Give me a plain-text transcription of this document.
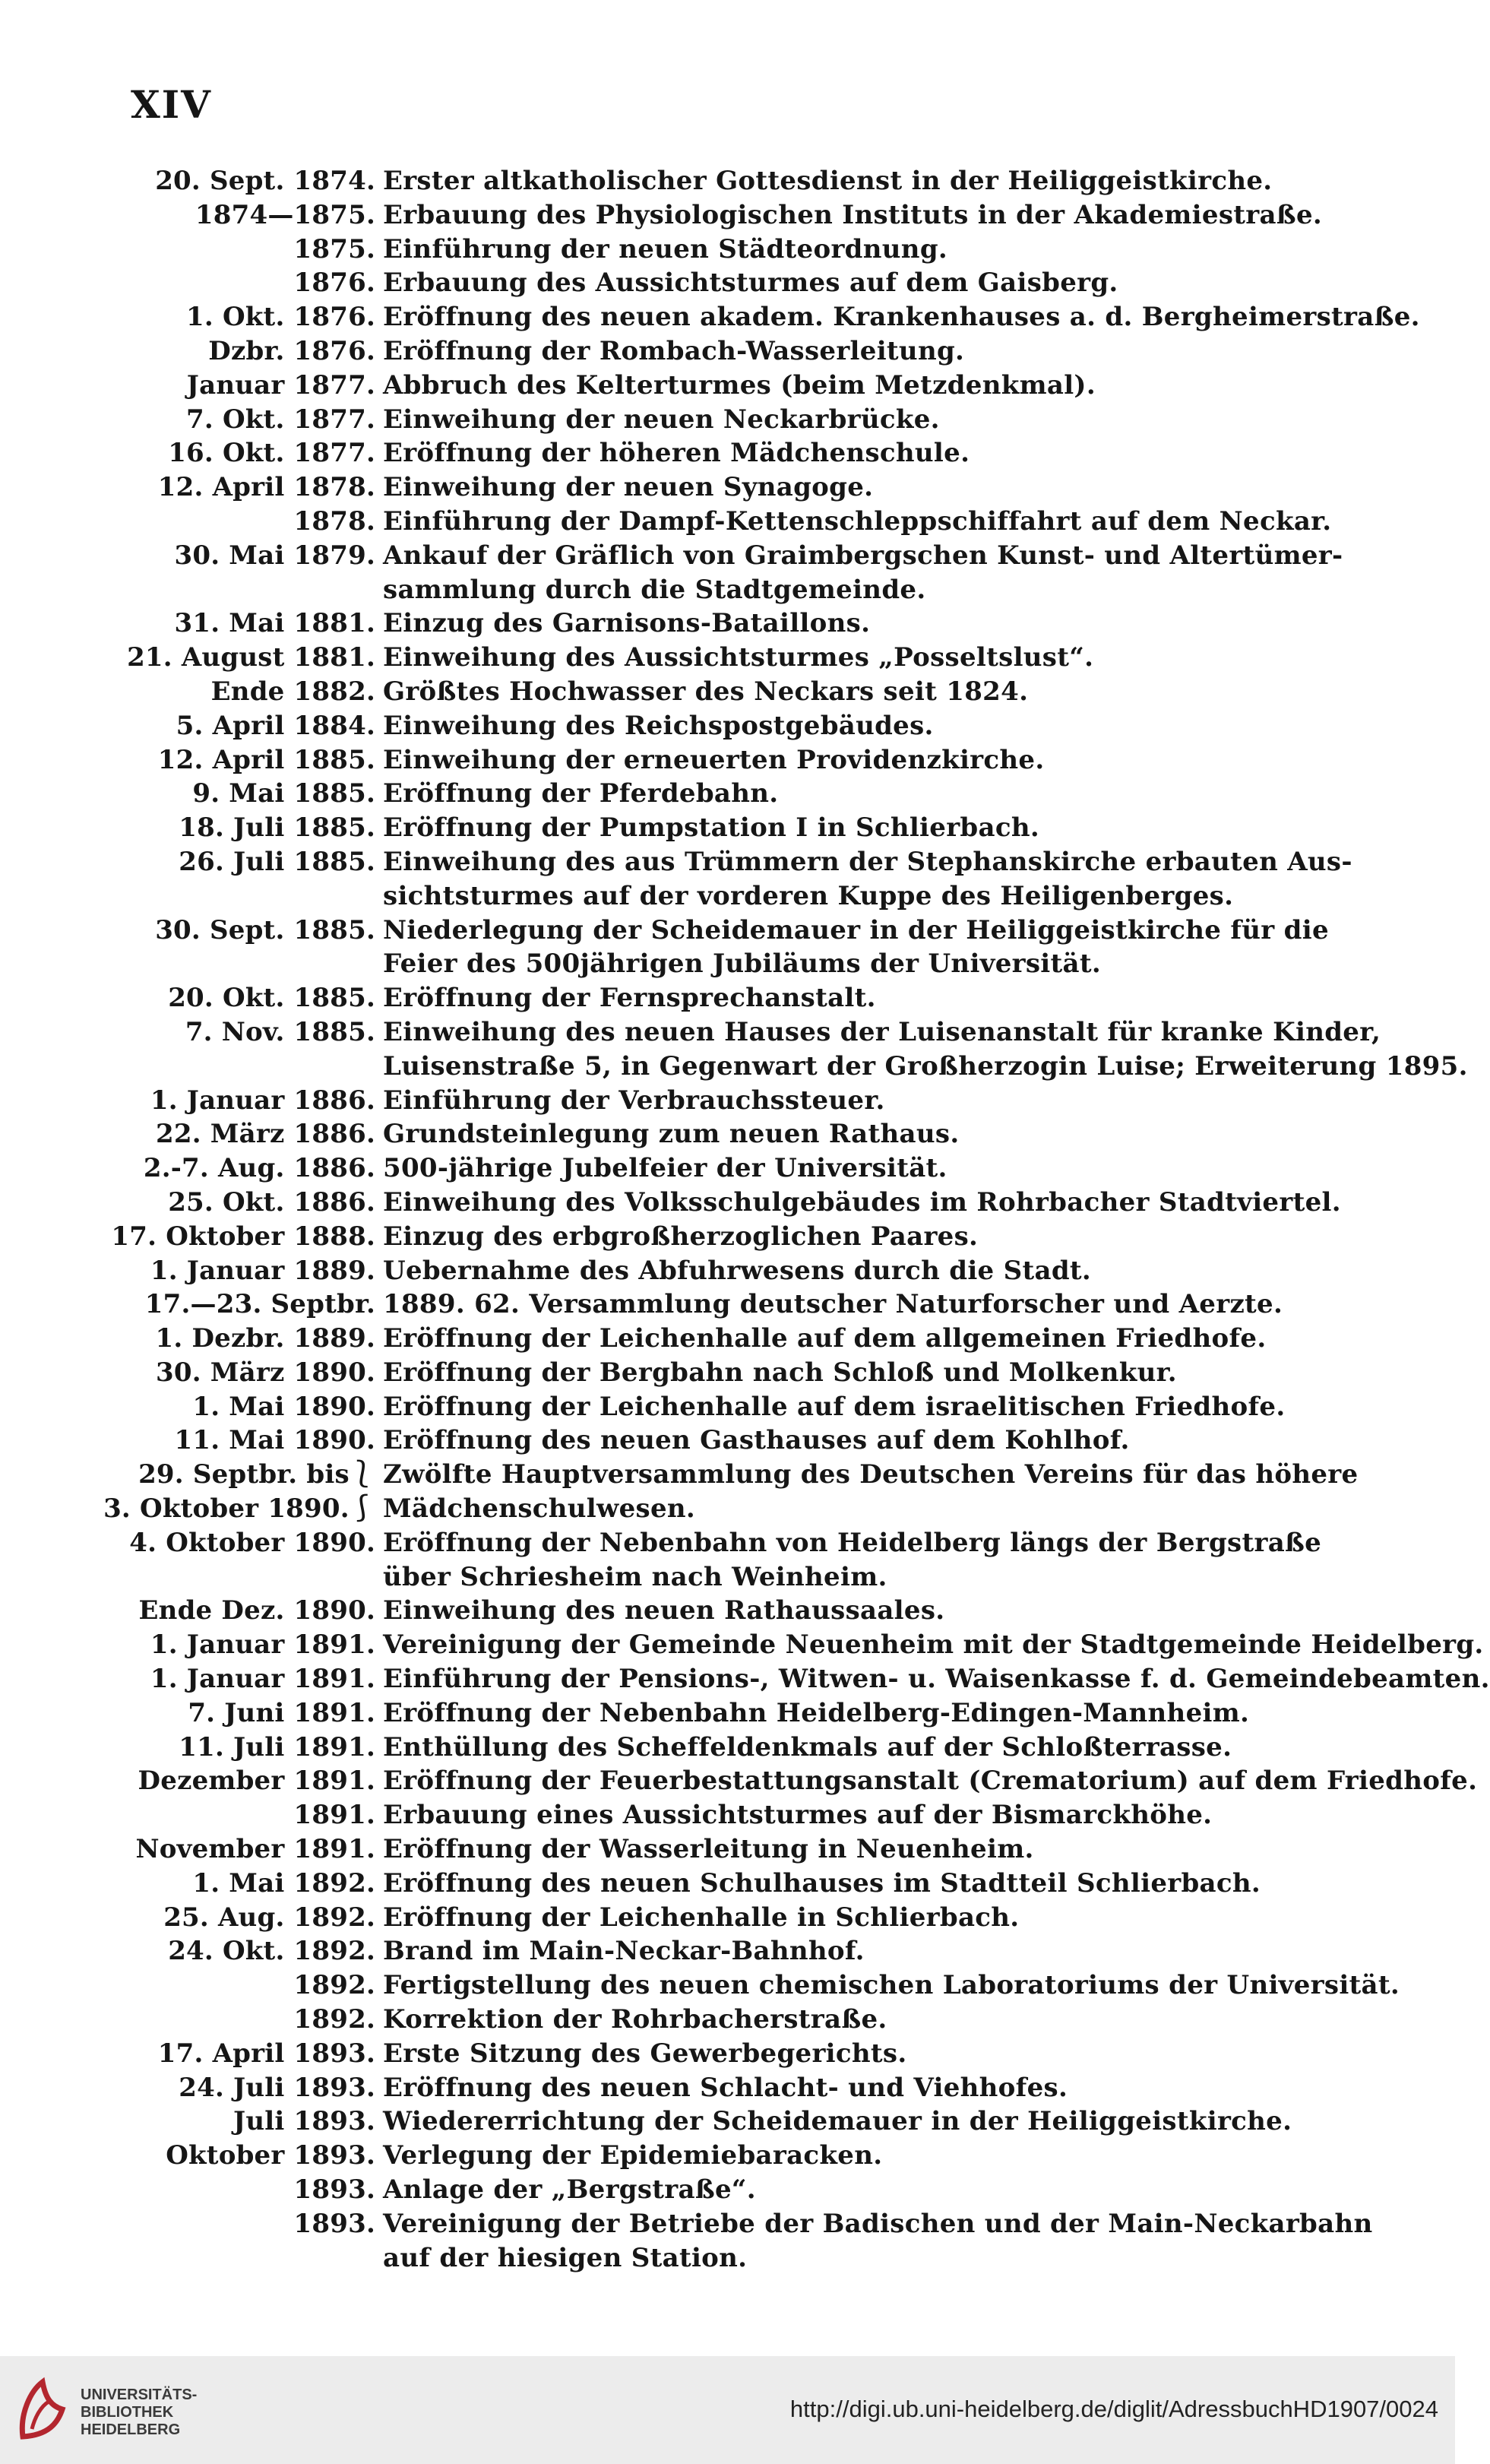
XIV
20. Sept. 1874. Erster altkatholischer Gottesdienst in der Heiliggeistkirche.
1874—1875. Erbauung des Physiologischen Instituts in der Akademiestraße.
1875. Einführung der neuen Städteordnung.
1876. Erbauung des Aussichtsturmes auf dem Gaisberg.
1. Okt. 1876. Eröffnung des neuen akadem. Krankenhauses a. d. Bergheimerstraße.
Dzbr. 1876. Eröffnung der Rombach-Wasserleitung.
Januar 1877. Abbruch des Kelterturmes (beim Metzdenkmal).
7. Okt. 1877. Einweihung der neuen Neckarbrücke.
16. Okt. 1877. Eröffnung der höheren Mädchenschule.
12. April 1878. Einweihung der neuen Synagoge.
1878. Einführung der Dampf-Kettenschleppschiffahrt auf dem Neckar.
30. Mai 1879. Ankauf der Gräflich von Graimbergschen Kunst- und Altertümer-
sammlung durch die Stadtgemeinde.
31. Mai 1881. Einzug des Garnisons-Bataillons.
21. August 1881. Einweihung des Aussichtsturmes „Posseltslust“.
Ende 1882. Größtes Hochwasser des Neckars seit 1824.
5. April 1884. Einweihung des Reichspostgebäudes.
12. April 1885. Einweihung der erneuerten Providenzkirche.
9. Mai 1885. Eröffnung der Pferdebahn.
18. Juli 1885. Eröffnung der Pumpstation I in Schlierbach.
26. Juli 1885. Einweihung des aus Trümmern der Stephanskirche erbauten Aus-
sichtsturmes auf der vorderen Kuppe des Heiligenberges.
30. Sept. 1885. Niederlegung der Scheidemauer in der Heiliggeistkirche für die
Feier des 500jährigen Jubiläums der Universität.
20. Okt. 1885. Eröffnung der Fernsprechanstalt.
7. Nov. 1885. Einweihung des neuen Hauses der Luisenanstalt für kranke Kinder,
Luisenstraße 5, in Gegenwart der Großherzogin Luise; Erweiterung 1895.
1. Januar 1886. Einführung der Verbrauchssteuer.
22. März 1886. Grundsteinlegung zum neuen Rathaus.
2.-7. Aug. 1886. 500-jährige Jubelfeier der Universität.
25. Okt. 1886. Einweihung des Volksschulgebäudes im Rohrbacher Stadtviertel.
17. Oktober 1888. Einzug des erbgroßherzoglichen Paares.
1. Januar 1889. Uebernahme des Abfuhrwesens durch die Stadt.
17.—23. Septbr. 1889. 62. Versammlung deutscher Naturforscher und Aerzte.
1. Dezbr. 1889. Eröffnung der Leichenhalle auf dem allgemeinen Friedhofe.
30. März 1890. Eröffnung der Bergbahn nach Schloß und Molkenkur.
1. Mai 1890. Eröffnung der Leichenhalle auf dem israelitischen Friedhofe.
11. Mai 1890. Eröffnung des neuen Gasthauses auf dem Kohlhof.
29. Septbr. bis⎱ Zwölfte Hauptversammlung des Deutschen Vereins für das höhere
3. Oktober 1890.⎰ Mädchenschulwesen.
4. Oktober 1890. Eröffnung der Nebenbahn von Heidelberg längs der Bergstraße
über Schriesheim nach Weinheim.
Ende Dez. 1890. Einweihung des neuen Rathaussaales.
1. Januar 1891. Vereinigung der Gemeinde Neuenheim mit der Stadtgemeinde Heidelberg.
1. Januar 1891. Einführung der Pensions-, Witwen- u. Waisenkasse f. d. Gemeindebeamten.
7. Juni 1891. Eröffnung der Nebenbahn Heidelberg-Edingen-Mannheim.
11. Juli 1891. Enthüllung des Scheffeldenkmals auf der Schloßterrasse.
Dezember 1891. Eröffnung der Feuerbestattungsanstalt (Crematorium) auf dem Friedhofe.
1891. Erbauung eines Aussichtsturmes auf der Bismarckhöhe.
November 1891. Eröffnung der Wasserleitung in Neuenheim.
1. Mai 1892. Eröffnung des neuen Schulhauses im Stadtteil Schlierbach.
25. Aug. 1892. Eröffnung der Leichenhalle in Schlierbach.
24. Okt. 1892. Brand im Main-Neckar-Bahnhof.
1892. Fertigstellung des neuen chemischen Laboratoriums der Universität.
1892. Korrektion der Rohrbacherstraße.
17. April 1893. Erste Sitzung des Gewerbegerichts.
24. Juli 1893. Eröffnung des neuen Schlacht- und Viehhofes.
Juli 1893. Wiedererrichtung der Scheidemauer in der Heiliggeistkirche.
Oktober 1893. Verlegung der Epidemiebaracken.
1893. Anlage der „Bergstraße“.
1893. Vereinigung der Betriebe der Badischen und der Main-Neckarbahn
auf der hiesigen Station.
UNIVERSITÄTS-
BIBLIOTHEK
HEIDELBERG
http://digi.ub.uni-heidelberg.de/diglit/AdressbuchHD1907/0024
